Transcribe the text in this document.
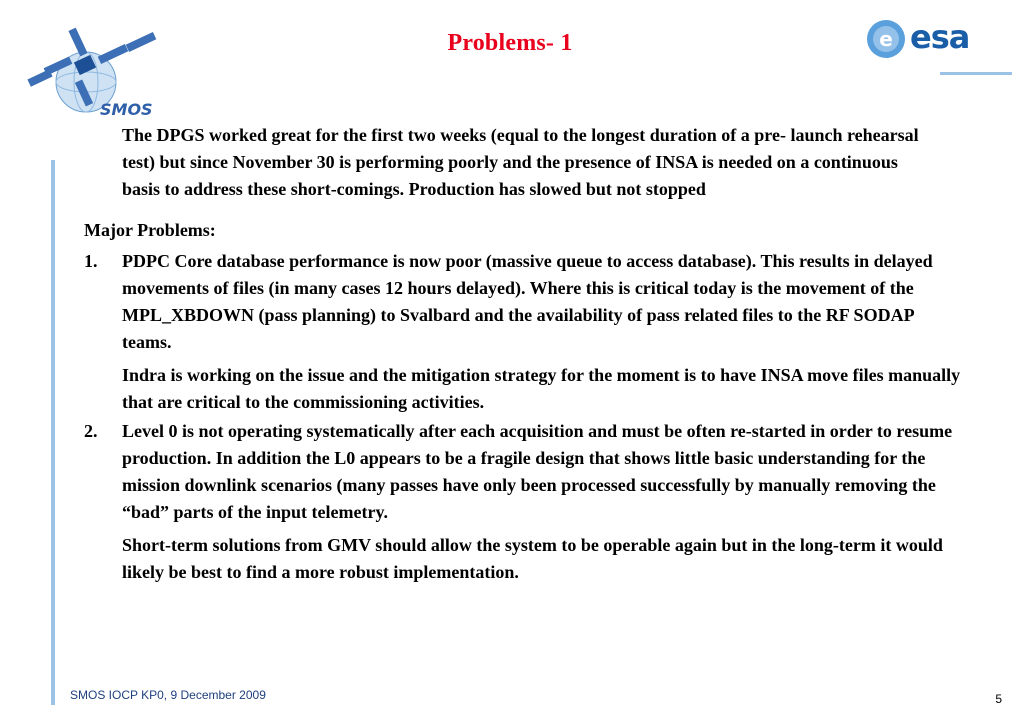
SMOS
Problems- 1	e esa

The DPGS worked great for the first two weeks (equal to the longest duration of a pre- launch rehearsal test) but since November 30 is performing poorly and the presence of INSA is needed on a continuous basis to address these short-comings. Production has slowed but not stopped

Major Problems:

1.	PDPC Core database performance is now poor (massive queue to access database). This results in delayed movements of files (in many cases 12 hours delayed). Where this is critical today is the movement of the MPL_XBDOWN (pass planning) to Svalbard and the availability of pass related files to the RF SODAP teams.

Indra is working on the issue and the mitigation strategy for the moment is to have INSA move files manually that are critical to the commissioning activities.

2.	Level 0 is not operating systematically after each acquisition and must be often re-started in order to resume production. In addition the L0 appears to be a fragile design that shows little basic understanding for the mission downlink scenarios (many passes have only been processed successfully by manually removing the “bad” parts of the input telemetry.

Short-term solutions from GMV should allow the system to be operable again but in the long-term it would likely be best to find a more robust implementation.

SMOS IOCP KP0, 9 December 2009	5
